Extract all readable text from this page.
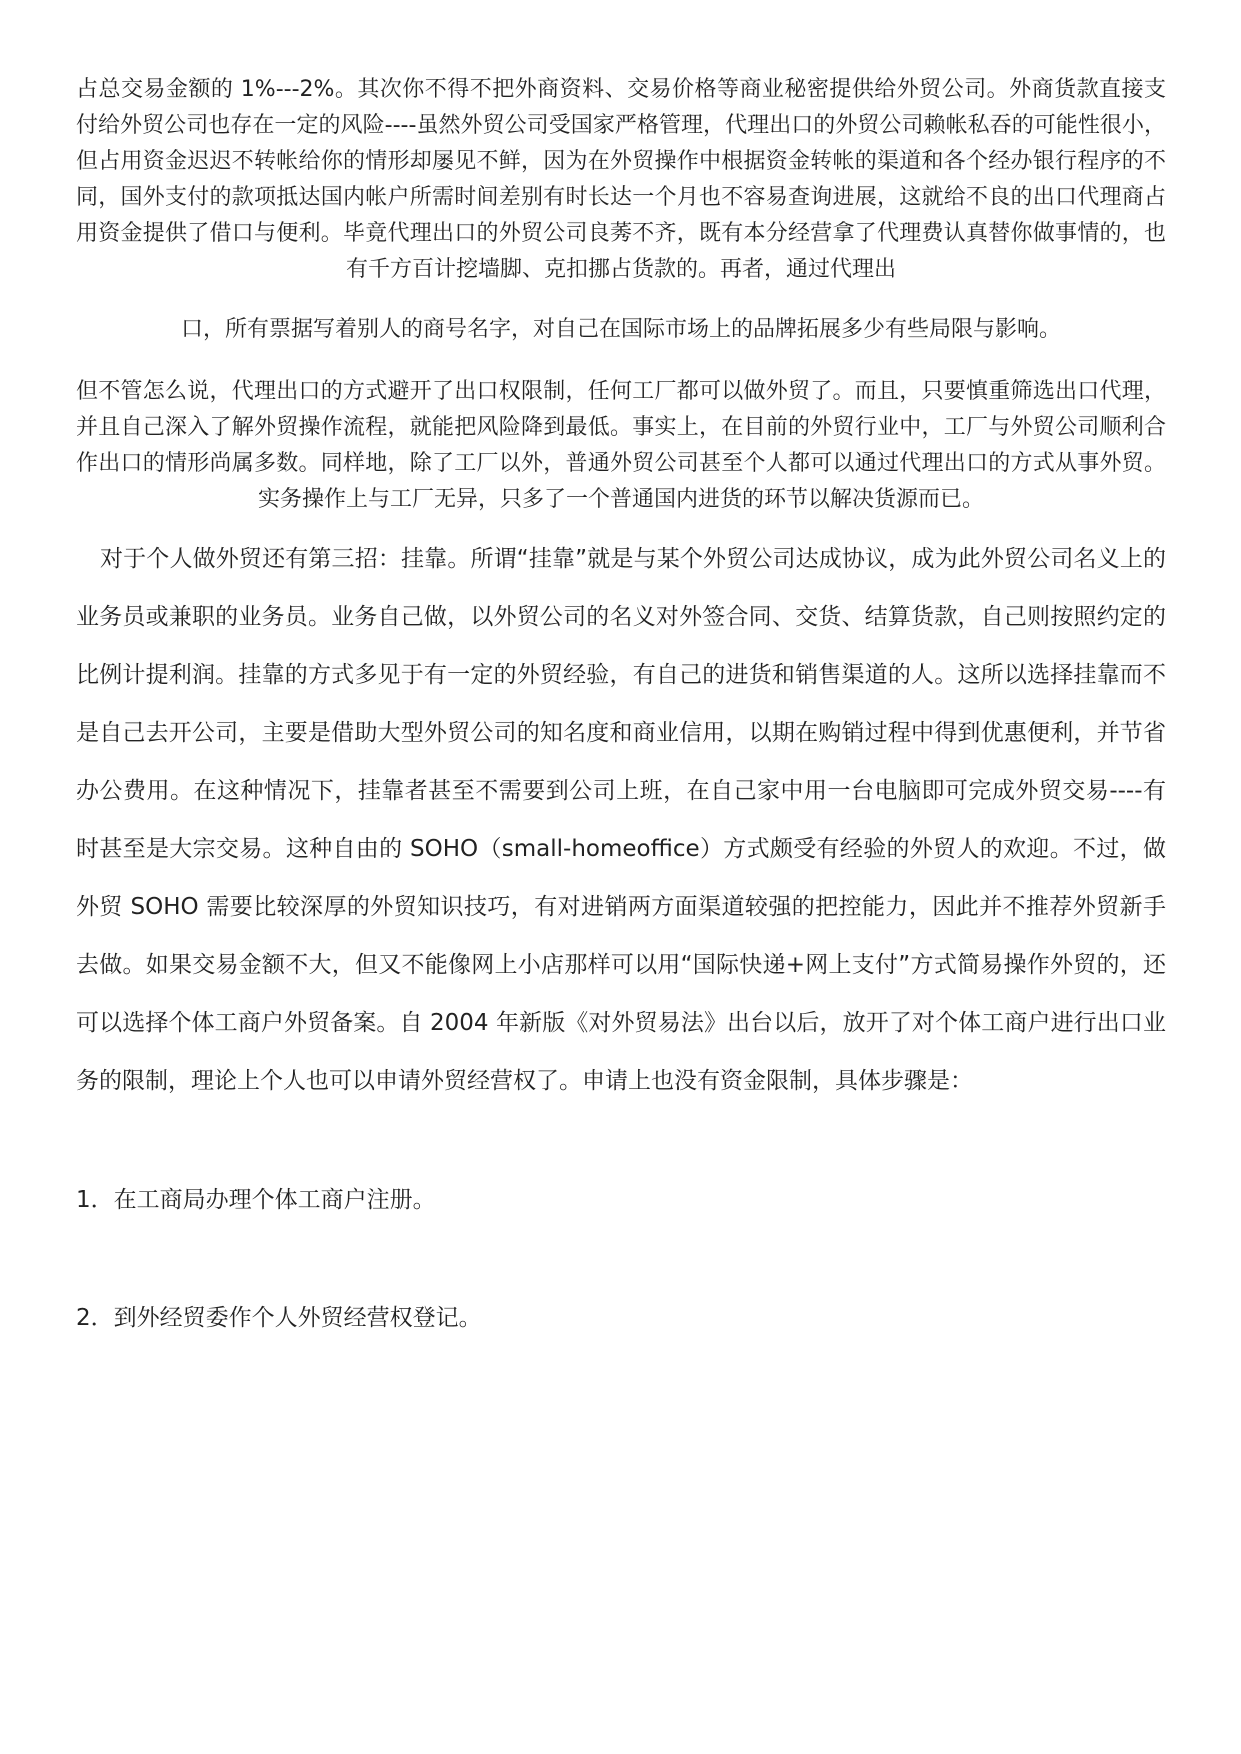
占总交易金额的 1%---2%。其次你不得不把外商资料、交易价格等商业秘密提供给外贸公司。外商货款直接支付给外贸公司也存在一定的风险----虽然外贸公司受国家严格管理，代理出口的外贸公司赖帐私吞的可能性很小，但占用资金迟迟不转帐给你的情形却屡见不鲜，因为在外贸操作中根据资金转帐的渠道和各个经办银行程序的不同，国外支付的款项抵达国内帐户所需时间差别有时长达一个月也不容易查询进展，这就给不良的出口代理商占用资金提供了借口与便利。毕竟代理出口的外贸公司良莠不齐，既有本分经营拿了代理费认真替你做事情的，也有千方百计挖墙脚、克扣挪占货款的。再者，通过代理出

口，所有票据写着别人的商号名字，对自己在国际市场上的品牌拓展多少有些局限与影响。

但不管怎么说，代理出口的方式避开了出口权限制，任何工厂都可以做外贸了。而且，只要慎重筛选出口代理，并且自己深入了解外贸操作流程，就能把风险降到最低。事实上，在目前的外贸行业中，工厂与外贸公司顺利合作出口的情形尚属多数。同样地，除了工厂以外，普通外贸公司甚至个人都可以通过代理出口的方式从事外贸。实务操作上与工厂无异，只多了一个普通国内进货的环节以解决货源而已。

对于个人做外贸还有第三招：挂靠。所谓“挂靠”就是与某个外贸公司达成协议，成为此外贸公司名义上的业务员或兼职的业务员。业务自己做，以外贸公司的名义对外签合同、交货、结算货款，自己则按照约定的比例计提利润。挂靠的方式多见于有一定的外贸经验，有自己的进货和销售渠道的人。这所以选择挂靠而不是自己去开公司，主要是借助大型外贸公司的知名度和商业信用，以期在购销过程中得到优惠便利，并节省办公费用。在这种情况下，挂靠者甚至不需要到公司上班，在自己家中用一台电脑即可完成外贸交易----有时甚至是大宗交易。这种自由的 SOHO（small-homeoffice）方式颇受有经验的外贸人的欢迎。不过，做外贸 SOHO 需要比较深厚的外贸知识技巧，有对进销两方面渠道较强的把控能力，因此并不推荐外贸新手去做。如果交易金额不大，但又不能像网上小店那样可以用“国际快递+网上支付”方式简易操作外贸的，还可以选择个体工商户外贸备案。自 2004 年新版《对外贸易法》出台以后，放开了对个体工商户进行出口业务的限制，理论上个人也可以申请外贸经营权了。申请上也没有资金限制，具体步骤是：

1．在工商局办理个体工商户注册。

2．到外经贸委作个人外贸经营权登记。
